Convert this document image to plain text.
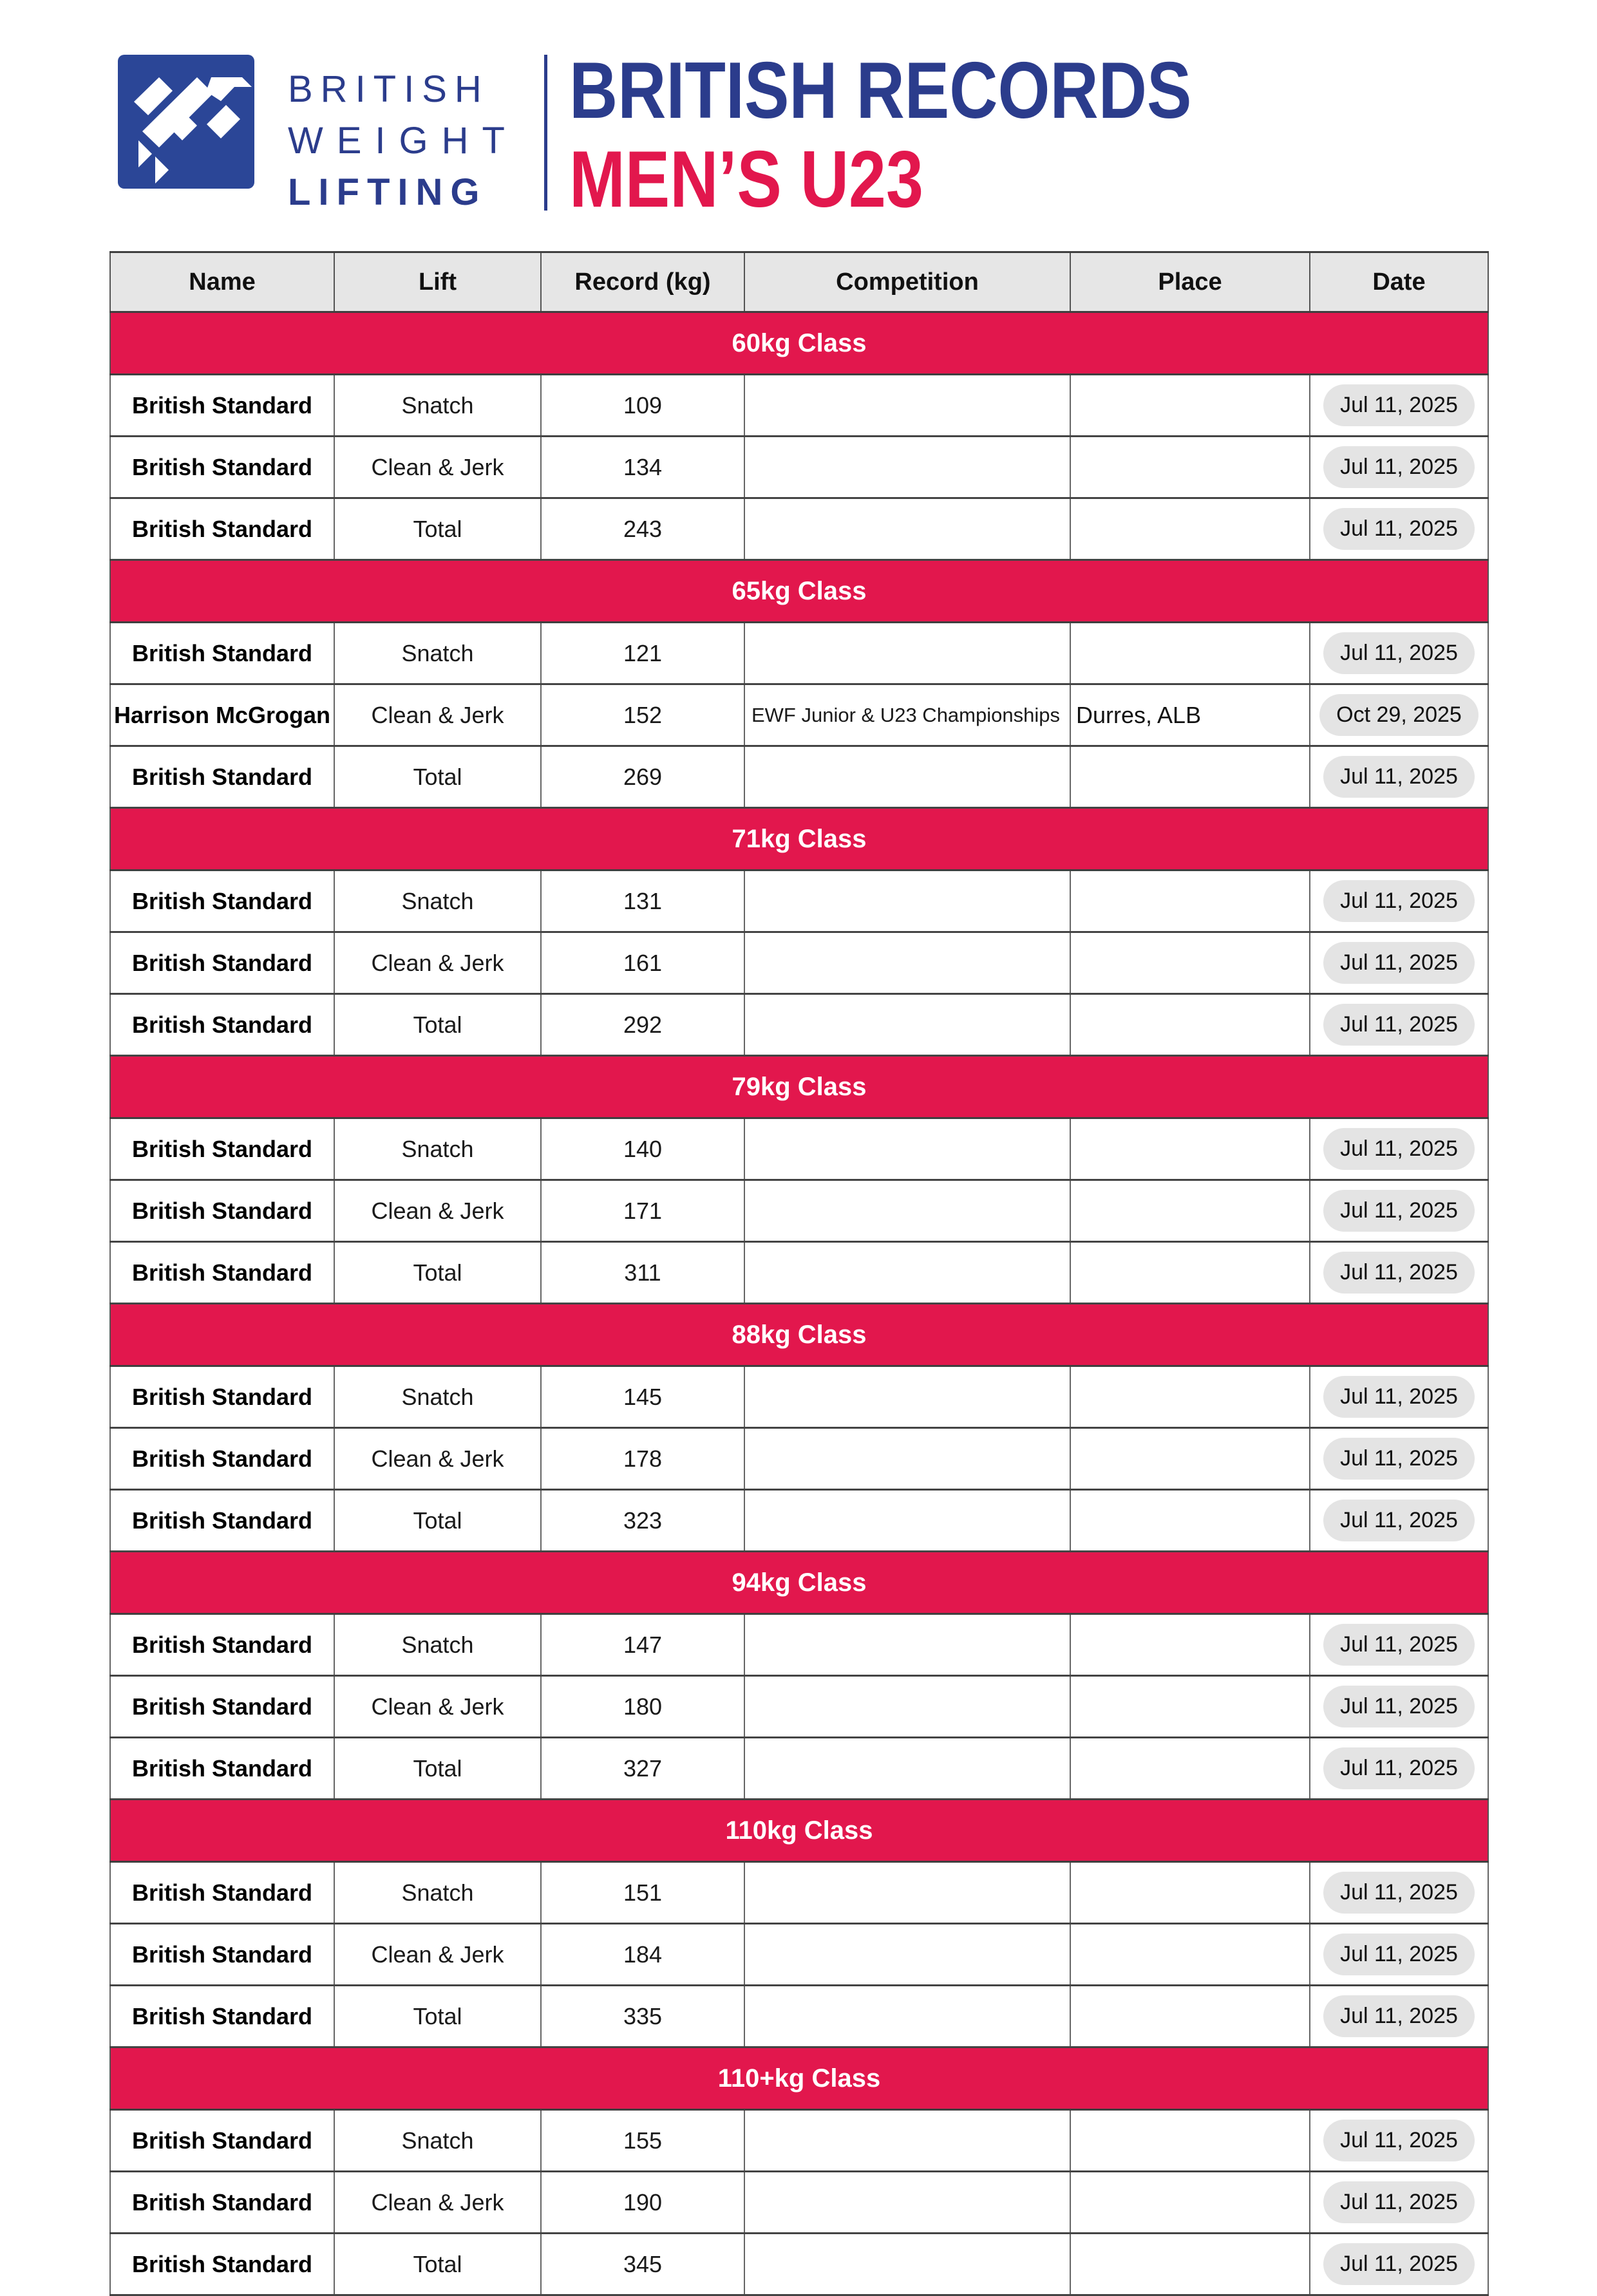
BRITISH
WEIGHT
LIFTING
BRITISH RECORDS
MEN’S U23
Name	Lift	Record (kg)	Competition	Place	Date
60kg Class					
British Standard	Snatch	109			Jul 11, 2025
British Standard	Clean & Jerk	134			Jul 11, 2025
British Standard	Total	243			Jul 11, 2025
65kg Class					
British Standard	Snatch	121			Jul 11, 2025
Harrison McGrogan	Clean & Jerk	152	EWF Junior & U23 Championships	Durres, ALB	Oct 29, 2025
British Standard	Total	269			Jul 11, 2025
71kg Class					
British Standard	Snatch	131			Jul 11, 2025
British Standard	Clean & Jerk	161			Jul 11, 2025
British Standard	Total	292			Jul 11, 2025
79kg Class					
British Standard	Snatch	140			Jul 11, 2025
British Standard	Clean & Jerk	171			Jul 11, 2025
British Standard	Total	311			Jul 11, 2025
88kg Class					
British Standard	Snatch	145			Jul 11, 2025
British Standard	Clean & Jerk	178			Jul 11, 2025
British Standard	Total	323			Jul 11, 2025
94kg Class					
British Standard	Snatch	147			Jul 11, 2025
British Standard	Clean & Jerk	180			Jul 11, 2025
British Standard	Total	327			Jul 11, 2025
110kg Class					
British Standard	Snatch	151			Jul 11, 2025
British Standard	Clean & Jerk	184			Jul 11, 2025
British Standard	Total	335			Jul 11, 2025
110+kg Class					
British Standard	Snatch	155			Jul 11, 2025
British Standard	Clean & Jerk	190			Jul 11, 2025
British Standard	Total	345			Jul 11, 2025
